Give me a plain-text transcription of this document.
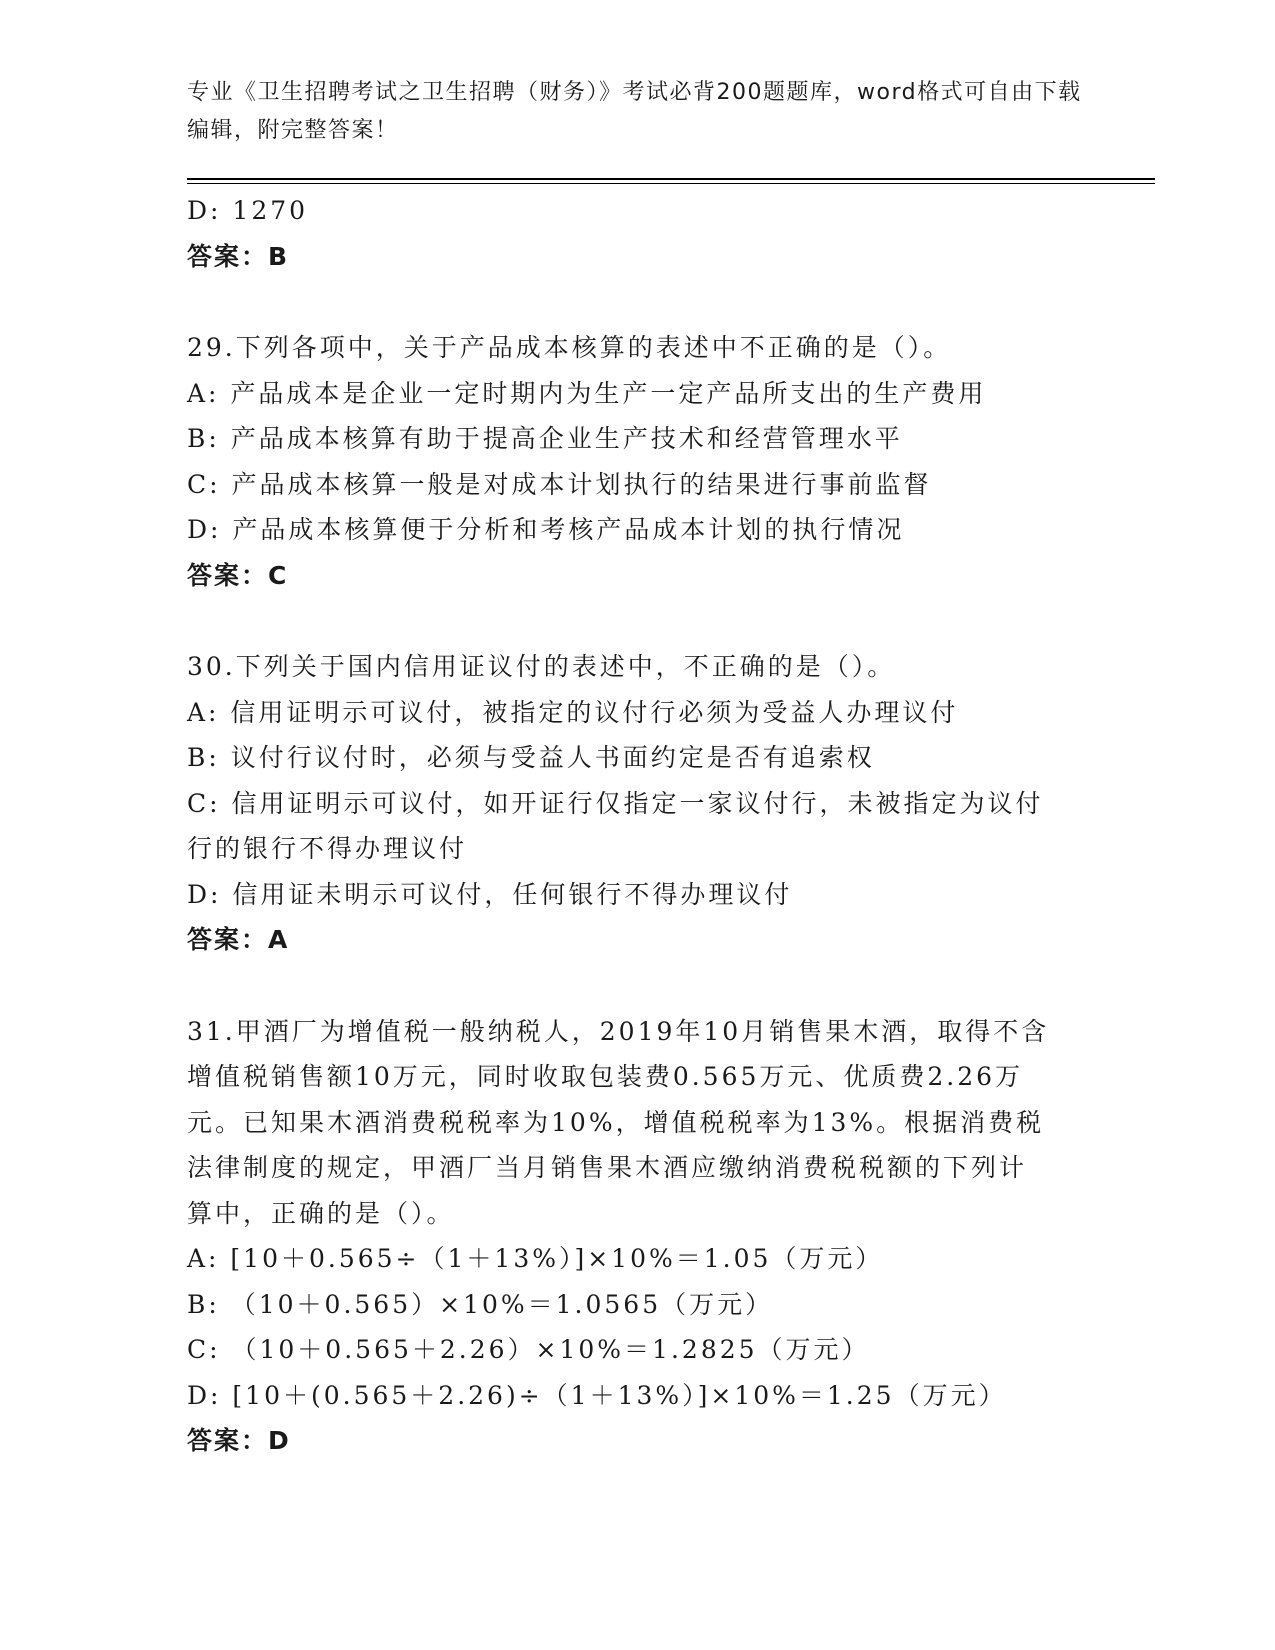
专业《卫生招聘考试之卫生招聘（财务）》考试必背200题题库，word格式可自由下载编辑，附完整答案！
D: 1270
答案：B
29.下列各项中，关于产品成本核算的表述中不正确的是（）。
A: 产品成本是企业一定时期内为生产一定产品所支出的生产费用
B: 产品成本核算有助于提高企业生产技术和经营管理水平
C: 产品成本核算一般是对成本计划执行的结果进行事前监督
D: 产品成本核算便于分析和考核产品成本计划的执行情况
答案：C
30.下列关于国内信用证议付的表述中，不正确的是（）。
A: 信用证明示可议付，被指定的议付行必须为受益人办理议付
B: 议付行议付时，必须与受益人书面约定是否有追索权
C: 信用证明示可议付，如开证行仅指定一家议付行，未被指定为议付
行的银行不得办理议付
D: 信用证未明示可议付，任何银行不得办理议付
答案：A
31.甲酒厂为增值税一般纳税人，2019年10月销售果木酒，取得不含
增值税销售额10万元，同时收取包装费0.565万元、优质费2.26万
元。已知果木酒消费税税率为10%，增值税税率为13%。根据消费税
法律制度的规定，甲酒厂当月销售果木酒应缴纳消费税税额的下列计
算中，正确的是（）。
A: [10＋0.565÷（1＋13%）]×10%＝1.05（万元）
B: （10＋0.565）×10%＝1.0565（万元）
C: （10＋0.565＋2.26）×10%＝1.2825（万元）
D: [10＋(0.565＋2.26)÷（1＋13%）]×10%＝1.25（万元）
答案：D
